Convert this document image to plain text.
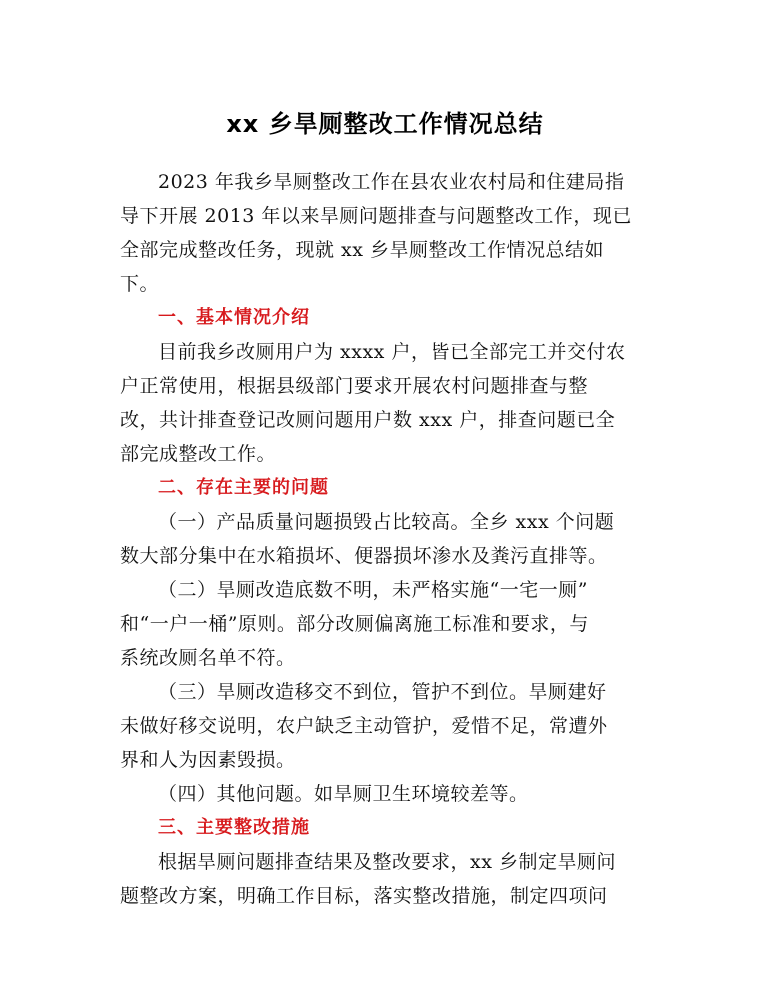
xx 乡旱厕整改工作情况总结
2023 年我乡旱厕整改工作在县农业农村局和住建局指
导下开展 2013 年以来旱厕问题排查与问题整改工作，现已
全部完成整改任务，现就 xx 乡旱厕整改工作情况总结如
下。
一、基本情况介绍
目前我乡改厕用户为 xxxx 户，皆已全部完工并交付农
户正常使用，根据县级部门要求开展农村问题排查与整
改，共计排查登记改厕问题用户数 xxx 户，排查问题已全
部完成整改工作。
二、存在主要的问题
（一）产品质量问题损毁占比较高。全乡 xxx 个问题
数大部分集中在水箱损坏、便器损坏渗水及粪污直排等。
（二）旱厕改造底数不明，未严格实施“一宅一厕”
和“一户一桶”原则。部分改厕偏离施工标准和要求，与
系统改厕名单不符。
（三）旱厕改造移交不到位，管护不到位。旱厕建好
未做好移交说明，农户缺乏主动管护，爱惜不足，常遭外
界和人为因素毁损。
（四）其他问题。如旱厕卫生环境较差等。
三、主要整改措施
根据旱厕问题排查结果及整改要求，xx 乡制定旱厕问
题整改方案，明确工作目标，落实整改措施，制定四项问
